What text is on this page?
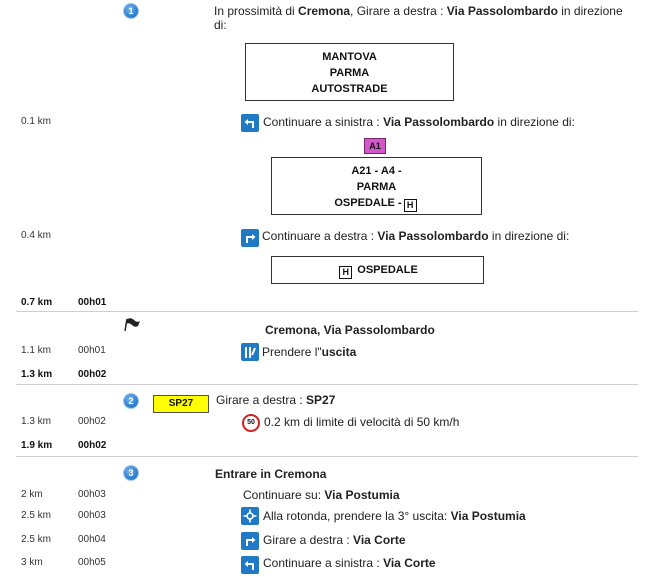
1	In prossimità di Cremona, Girare a destra : Via Passolombardo in direzione
di:
MANTOVA
PARMA
AUTOSTRADE
0.1 km	Continuare a sinistra : Via Passolombardo in direzione di:
A1
A21 - A4 -
PARMA
OSPEDALE - H
0.4 km	Continuare a destra : Via Passolombardo in direzione di:
H OSPEDALE
0.7 km	00h01
Cremona, Via Passolombardo
1.1 km	00h01	Prendere l"uscita
1.3 km	00h02
2	SP27	Girare a destra : SP27
1.3 km	00h02	50 0.2 km di limite di velocità di 50 km/h
1.9 km	00h02
3	Entrare in Cremona
2 km	00h03	Continuare su: Via Postumia
2.5 km	00h03	Alla rotonda, prendere la 3° uscita: Via Postumia
2.5 km	00h04	Girare a destra : Via Corte
3 km	00h05	Continuare a sinistra : Via Corte
